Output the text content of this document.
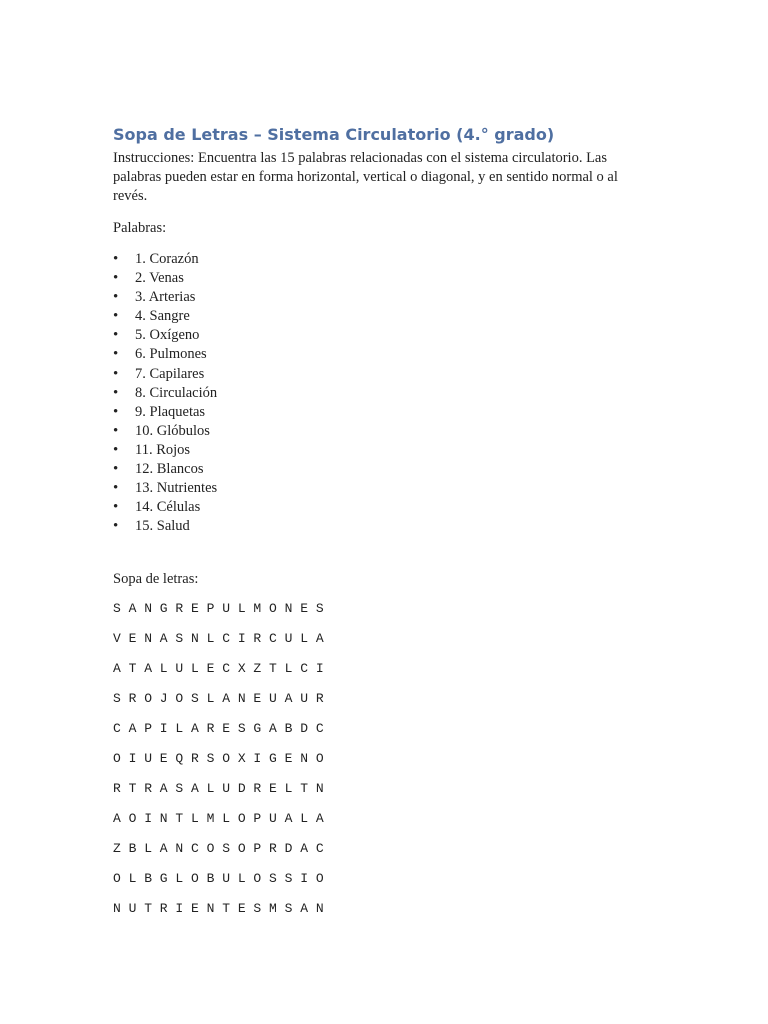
Sopa de Letras – Sistema Circulatorio (4.° grado)

Instrucciones: Encuentra las 15 palabras relacionadas con el sistema circulatorio. Las palabras pueden estar en forma horizontal, vertical o diagonal, y en sentido normal o al revés.

Palabras:

• 1. Corazón
• 2. Venas
• 3. Arterias
• 4. Sangre
• 5. Oxígeno
• 6. Pulmones
• 7. Capilares
• 8. Circulación
• 9. Plaquetas
• 10. Glóbulos
• 11. Rojos
• 12. Blancos
• 13. Nutrientes
• 14. Células
• 15. Salud

Sopa de letras:

S A N G R E P U L M O N E S
V E N A S N L C I R C U L A
A T A L U L E C X Z T L C I
S R O J O S L A N E U A U R
C A P I L A R E S G A B D C
O I U E Q R S O X I G E N O
R T R A S A L U D R E L T N
A O I N T L M L O P U A L A
Z B L A N C O S O P R D A C
O L B G L O B U L O S S I O
N U T R I E N T E S M S A N
